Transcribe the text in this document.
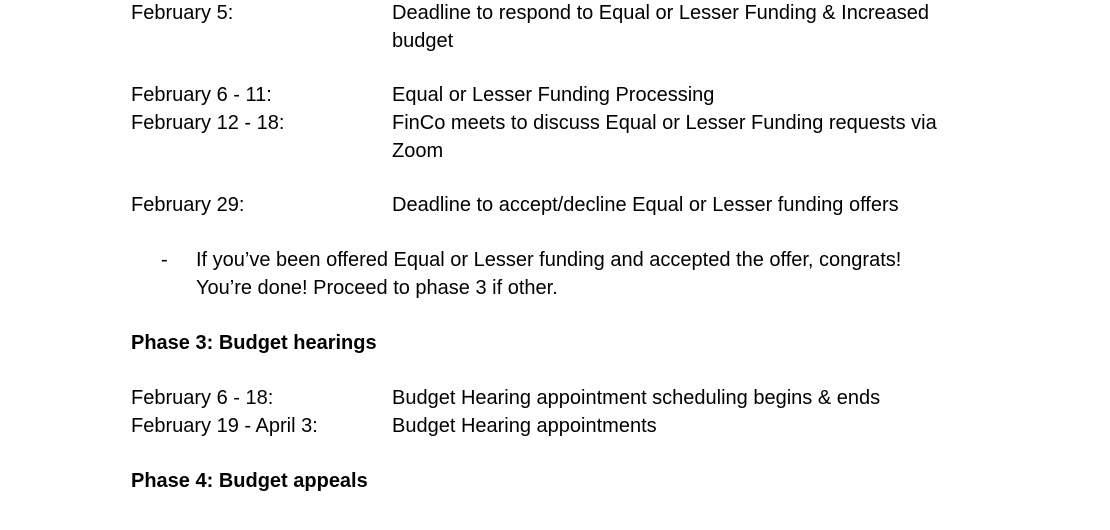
February 5:	Deadline to respond to Equal or Lesser Funding & Increased budget
February 6 - 11:	Equal or Lesser Funding Processing
February 12 - 18:	FinCo meets to discuss Equal or Lesser Funding requests via Zoom
February 29:	Deadline to accept/decline Equal or Lesser funding offers
- If you’ve been offered Equal or Lesser funding and accepted the offer, congrats! You’re done! Proceed to phase 3 if other.
Phase 3: Budget hearings
February 6 - 18:	Budget Hearing appointment scheduling begins & ends
February 19 - April 3:	Budget Hearing appointments
Phase 4: Budget appeals
